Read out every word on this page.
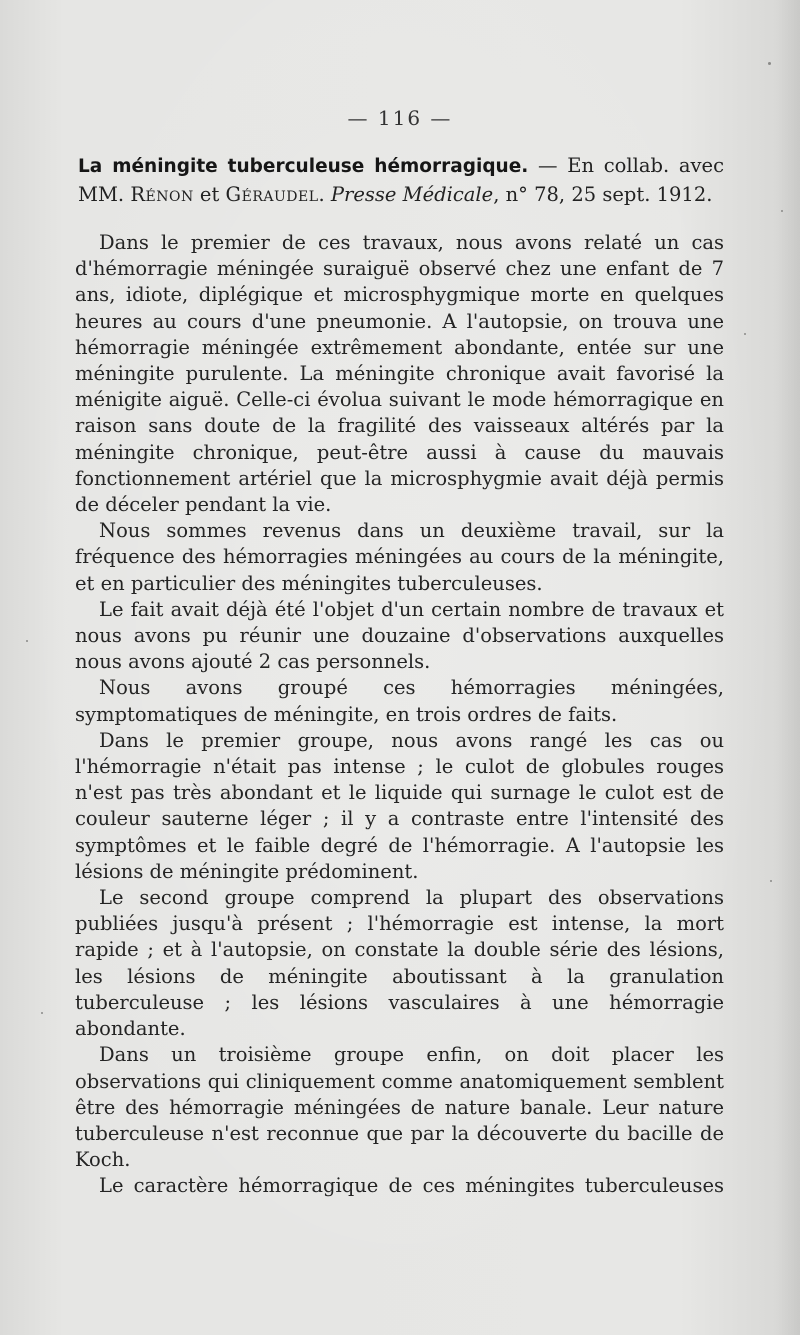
— 116 —
La méningite tuberculeuse hémorragique. — En collab. avec MM. Rénon et Géraudel. Presse Médicale, n° 78, 25 sept. 1912.

Dans le premier de ces travaux, nous avons relaté un cas d'hémorragie méningée suraiguë observé chez une enfant de 7 ans, idiote, diplégique et microsphygmique morte en quelques heures au cours d'une pneumonie. A l'autopsie, on trouva une hémorragie méningée extrêmement abondante, entée sur une méningite purulente. La méningite chronique avait favorisé la ménigite aiguë. Celle-ci évolua suivant le mode hémorragique en raison sans doute de la fragilité des vaisseaux altérés par la méningite chronique, peut-être aussi à cause du mauvais fonctionnement artériel que la microsphygmie avait déjà permis de déceler pendant la vie.

Nous sommes revenus dans un deuxième travail, sur la fréquence des hémorragies méningées au cours de la méningite, et en particulier des méningites tuberculeuses.

Le fait avait déjà été l'objet d'un certain nombre de travaux et nous avons pu réunir une douzaine d'observations auxquelles nous avons ajouté 2 cas personnels.

Nous avons groupé ces hémorragies méningées, symptomatiques de méningite, en trois ordres de faits.

Dans le premier groupe, nous avons rangé les cas ou l'hémorragie n'était pas intense ; le culot de globules rouges n'est pas très abondant et le liquide qui surnage le culot est de couleur sauterne léger ; il y a contraste entre l'intensité des symptômes et le faible degré de l'hémorragie. A l'autopsie les lésions de méningite prédominent.

Le second groupe comprend la plupart des observations publiées jusqu'à présent ; l'hémorragie est intense, la mort rapide ; et à l'autopsie, on constate la double série des lésions, les lésions de méningite aboutissant à la granulation tuberculeuse ; les lésions vasculaires à une hémorragie abondante.

Dans un troisième groupe enfin, on doit placer les observations qui cliniquement comme anatomiquement semblent être des hémorragie méningées de nature banale. Leur nature tuberculeuse n'est reconnue que par la découverte du bacille de Koch.

Le caractère hémorragique de ces méningites tuberculeuses
